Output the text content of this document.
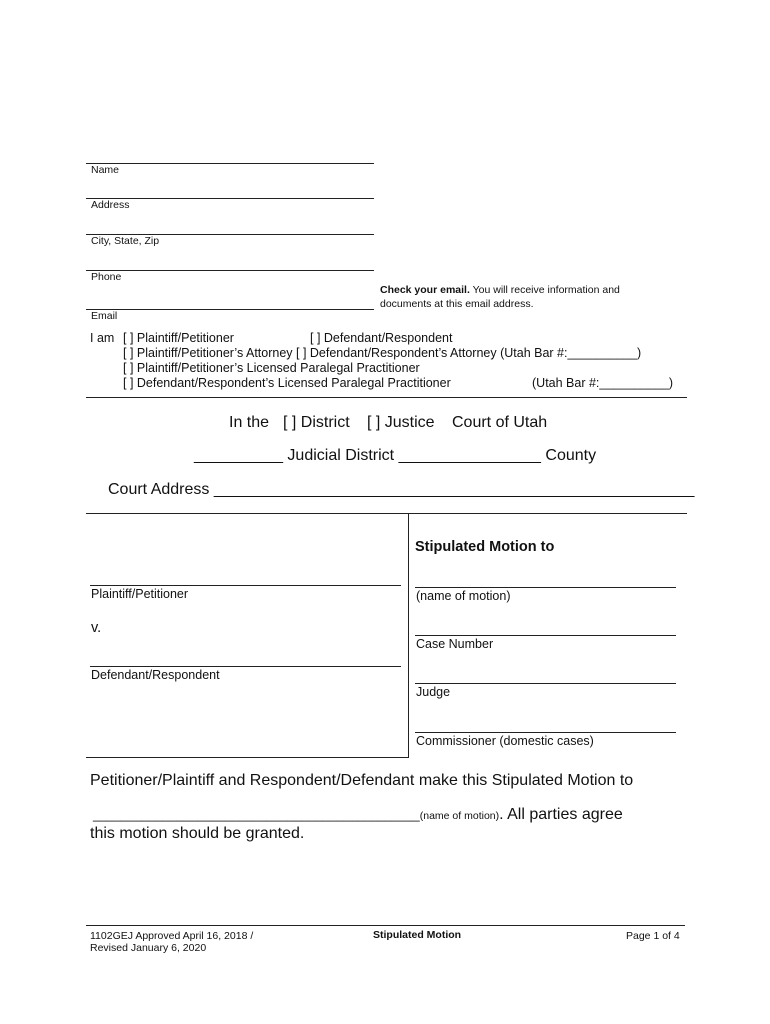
Name
Address
City, State, Zip
Phone
Check your email. You will receive information and
documents at this email address.
Email
I am [ ] Plaintiff/Petitioner	[ ] Defendant/Respondent
[ ] Plaintiff/Petitioner’s Attorney [ ] Defendant/Respondent’s Attorney (Utah Bar #:__________)
[ ] Plaintiff/Petitioner’s Licensed Paralegal Practitioner
[ ] Defendant/Respondent’s Licensed Paralegal Practitioner	(Utah Bar #:__________)
In the [ ] District [ ] Justice Court of Utah
__________ Judicial District ________________ County
Court Address ______________________________________________________
Plaintiff/Petitioner
v.
Defendant/Respondent
Stipulated Motion to
(name of motion)
Case Number
Judge
Commissioner (domestic cases)
Petitioner/Plaintiff and Respondent/Defendant make this Stipulated Motion to
_______________________________________________(name of motion). All parties agree
this motion should be granted.
1102GEJ Approved April 16, 2018 /
Revised January 6, 2020
Stipulated Motion	Page 1 of 4
